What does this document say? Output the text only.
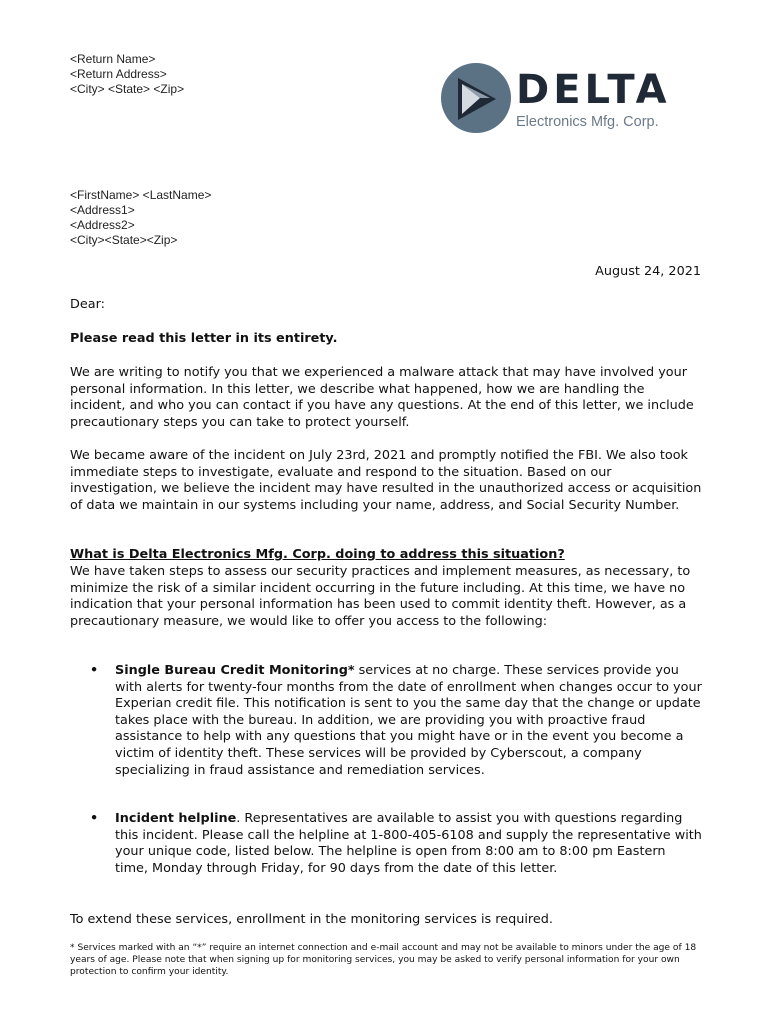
<Return Name>
<Return Address>
<City> <State> <Zip>	DELTA
Electronics Mfg. Corp.
<FirstName> <LastName>
<Address1>
<Address2>
<City><State><Zip>
August 24, 2021
Dear:
Please read this letter in its entirety.
We are writing to notify you that we experienced a malware attack that may have involved your personal information. In this letter, we describe what happened, how we are handling the incident, and who you can contact if you have any questions. At the end of this letter, we include precautionary steps you can take to protect yourself.
We became aware of the incident on July 23rd, 2021 and promptly notified the FBI. We also took immediate steps to investigate, evaluate and respond to the situation. Based on our investigation, we believe the incident may have resulted in the unauthorized access or acquisition of data we maintain in our systems including your name, address, and Social Security Number.
What is Delta Electronics Mfg. Corp. doing to address this situation?
We have taken steps to assess our security practices and implement measures, as necessary, to minimize the risk of a similar incident occurring in the future including. At this time, we have no indication that your personal information has been used to commit identity theft. However, as a precautionary measure, we would like to offer you access to the following:
• Single Bureau Credit Monitoring* services at no charge. These services provide you with alerts for twenty-four months from the date of enrollment when changes occur to your Experian credit file. This notification is sent to you the same day that the change or update takes place with the bureau. In addition, we are providing you with proactive fraud assistance to help with any questions that you might have or in the event you become a victim of identity theft. These services will be provided by Cyberscout, a company specializing in fraud assistance and remediation services.
• Incident helpline. Representatives are available to assist you with questions regarding this incident. Please call the helpline at 1-800-405-6108 and supply the representative with your unique code, listed below. The helpline is open from 8:00 am to 8:00 pm Eastern time, Monday through Friday, for 90 days from the date of this letter.
To extend these services, enrollment in the monitoring services is required.
* Services marked with an “*” require an internet connection and e-mail account and may not be available to minors under the age of 18 years of age. Please note that when signing up for monitoring services, you may be asked to verify personal information for your own protection to confirm your identity.
